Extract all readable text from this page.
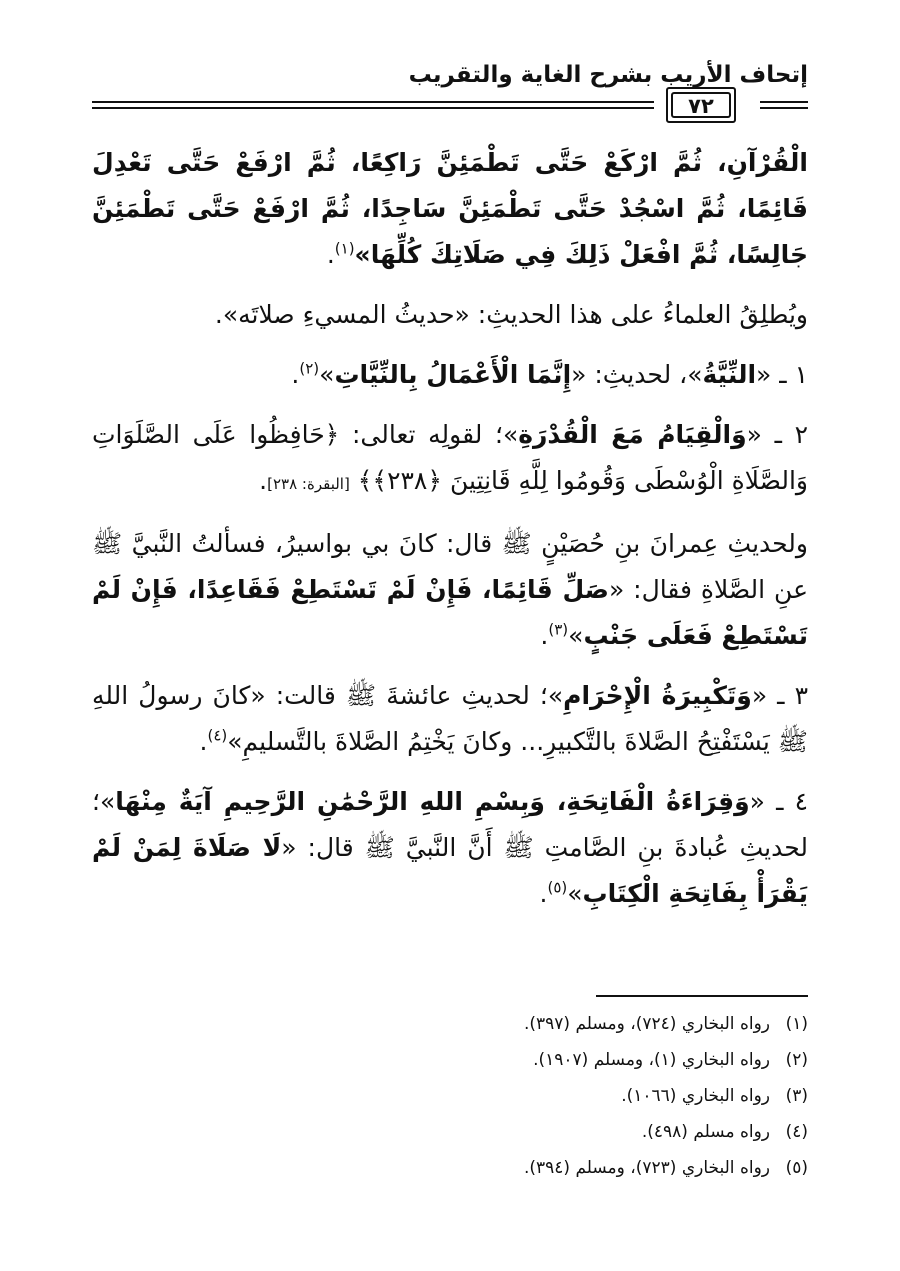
إتحاف الأريب بشرح الغاية والتقريب
٧٢

الْقُرْآنِ، ثُمَّ ارْكَعْ حَتَّى تَطْمَئِنَّ رَاكِعًا، ثُمَّ ارْفَعْ حَتَّى تَعْدِلَ قَائِمًا، ثُمَّ اسْجُدْ حَتَّى تَطْمَئِنَّ سَاجِدًا، ثُمَّ ارْفَعْ حَتَّى تَطْمَئِنَّ جَالِسًا، ثُمَّ افْعَلْ ذَلِكَ فِي صَلَاتِكَ كُلِّهَا»$^{(١)}$.

ويُطلِقُ العلماءُ على هذا الحديثِ: «حديثُ المسيءِ صلاتَه».

١ ـ «النِّيَّةُ»، لحديثِ: «إِنَّمَا الْأَعْمَالُ بِالنِّيَّاتِ»$^{(٢)}$.

٢ ـ «وَالْقِيَامُ مَعَ الْقُدْرَةِ»؛ لقولِه تعالى: ﴿حَافِظُوا عَلَى الصَّلَوَاتِ وَالصَّلَاةِ الْوُسْطَى وَقُومُوا لِلَّهِ قَانِتِينَ ﴿٢٣٨﴾﴾ [البقرة: ٢٣٨].

ولحديثِ عِمرانَ بنِ حُصَيْنٍ ﷺ قال: كانَ بي بواسيرُ، فسألتُ النَّبيَّ ﷺ عنِ الصَّلاةِ فقال: «صَلِّ قَائِمًا، فَإِنْ لَمْ تَسْتَطِعْ فَقَاعِدًا، فَإِنْ لَمْ تَسْتَطِعْ فَعَلَى جَنْبٍ»$^{(٣)}$.

٣ ـ «وَتَكْبِيرَةُ الْإِحْرَامِ»؛ لحديثِ عائشةَ ﷺ قالت: «كانَ رسولُ اللهِ ﷺ يَسْتَفْتِحُ الصَّلاةَ بالتَّكبيرِ... وكانَ يَخْتِمُ الصَّلاةَ بالتَّسليمِ»$^{(٤)}$.

٤ ـ «وَقِرَاءَةُ الْفَاتِحَةِ، وَبِسْمِ اللهِ الرَّحْمَٰنِ الرَّحِيمِ آيَةٌ مِنْهَا»؛ لحديثِ عُبادةَ بنِ الصَّامتِ ﷺ أَنَّ النَّبيَّ ﷺ قال: «لَا صَلَاةَ لِمَنْ لَمْ يَقْرَأْ بِفَاتِحَةِ الْكِتَابِ»$^{(٥)}$.

(١)رواه البخاري (٧٢٤)، ومسلم (٣٩٧).
(٢)رواه البخاري (١)، ومسلم (١٩٠٧).
(٣)رواه البخاري (١٠٦٦).
(٤)رواه مسلم (٤٩٨).
(٥)رواه البخاري (٧٢٣)، ومسلم (٣٩٤).
